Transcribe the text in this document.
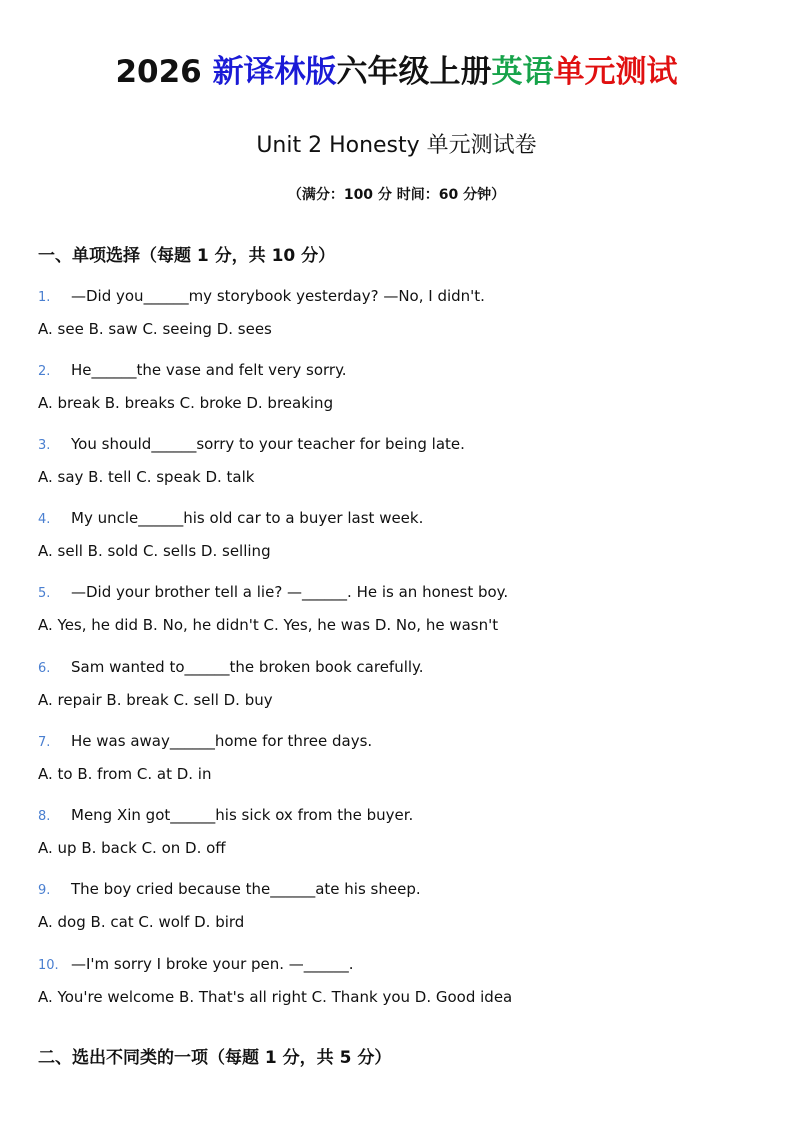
2026 新译林版六年级上册英语单元测试
Unit 2 Honesty 单元测试卷
（满分：100 分 时间：60 分钟）
一、单项选择（每题 1 分，共 10 分）
1. —Did you______my storybook yesterday? —No, I didn't.
A. see B. saw C. seeing D. sees
2. He______the vase and felt very sorry.
A. break B. breaks C. broke D. breaking
3. You should______sorry to your teacher for being late.
A. say B. tell C. speak D. talk
4. My uncle______his old car to a buyer last week.
A. sell B. sold C. sells D. selling
5. —Did your brother tell a lie? —______. He is an honest boy.
A. Yes, he did B. No, he didn't C. Yes, he was D. No, he wasn't
6. Sam wanted to______the broken book carefully.
A. repair B. break C. sell D. buy
7. He was away______home for three days.
A. to B. from C. at D. in
8. Meng Xin got______his sick ox from the buyer.
A. up B. back C. on D. off
9. The boy cried because the______ate his sheep.
A. dog B. cat C. wolf D. bird
10. —I'm sorry I broke your pen. —______.
A. You're welcome B. That's all right C. Thank you D. Good idea
二、选出不同类的一项（每题 1 分，共 5 分）
